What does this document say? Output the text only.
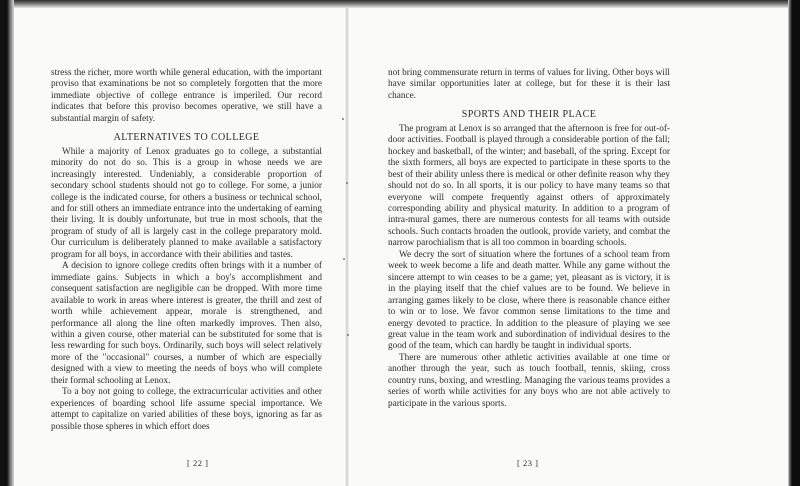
stress the richer, more worth while general education, with the important proviso that examinations be not so completely forgotten that the more immediate objective of college entrance is imperiled. Our record indicates that before this proviso becomes operative, we still have a substantial margin of safety.

ALTERNATIVES TO COLLEGE

While a majority of Lenox graduates go to college, a substantial minority do not do so. This is a group in whose needs we are increasingly interested. Undeniably, a considerable proportion of secondary school students should not go to college. For some, a junior college is the indicated course, for others a business or technical school, and for still others an immediate entrance into the undertaking of earning their living. It is doubly unfortunate, but true in most schools, that the program of study of all is largely cast in the college preparatory mold. Our curriculum is deliberately planned to make available a satisfactory program for all boys, in accordance with their abilities and tastes.

A decision to ignore college credits often brings with it a number of immediate gains. Subjects in which a boy's accomplishment and consequent satisfaction are negligible can be dropped. With more time available to work in areas where interest is greater, the thrill and zest of worth while achievement appear, morale is strengthened, and performance all along the line often markedly improves. Then also, within a given course, other material can be substituted for some that is less rewarding for such boys. Ordinarily, such boys will select relatively more of the "occasional" courses, a number of which are especially designed with a view to meeting the needs of boys who will complete their formal schooling at Lenox.

To a boy not going to college, the extracurricular activities and other experiences of boarding school life assume special importance. We attempt to capitalize on varied abilities of these boys, ignoring as far as possible those spheres in which effort does

[ 22 ]

not bring commensurate return in terms of values for living. Other boys will have similar opportunities later at college, but for these it is their last chance.

SPORTS AND THEIR PLACE

The program at Lenox is so arranged that the afternoon is free for out-of-door activities. Football is played through a considerable portion of the fall; hockey and basketball, of the winter; and baseball, of the spring. Except for the sixth formers, all boys are expected to participate in these sports to the best of their ability unless there is medical or other definite reason why they should not do so. In all sports, it is our policy to have many teams so that everyone will compete frequently against others of approximately corresponding ability and physical maturity. In addition to a program of intra-mural games, there are numerous contests for all teams with outside schools. Such contacts broaden the outlook, provide variety, and combat the narrow parochialism that is all too common in boarding schools.

We decry the sort of situation where the fortunes of a school team from week to week become a life and death matter. While any game without the sincere attempt to win ceases to be a game; yet, pleasant as is victory, it is in the playing itself that the chief values are to be found. We believe in arranging games likely to be close, where there is reasonable chance either to win or to lose. We favor common sense limitations to the time and energy devoted to practice. In addition to the pleasure of playing we see great value in the team work and subordination of individual desires to the good of the team, which can hardly be taught in individual sports.

There are numerous other athletic activities available at one time or another through the year, such as touch football, tennis, skiing, cross country runs, boxing, and wrestling. Managing the various teams provides a series of worth while activities for any boys who are not able actively to participate in the various sports.

[ 23 ]
